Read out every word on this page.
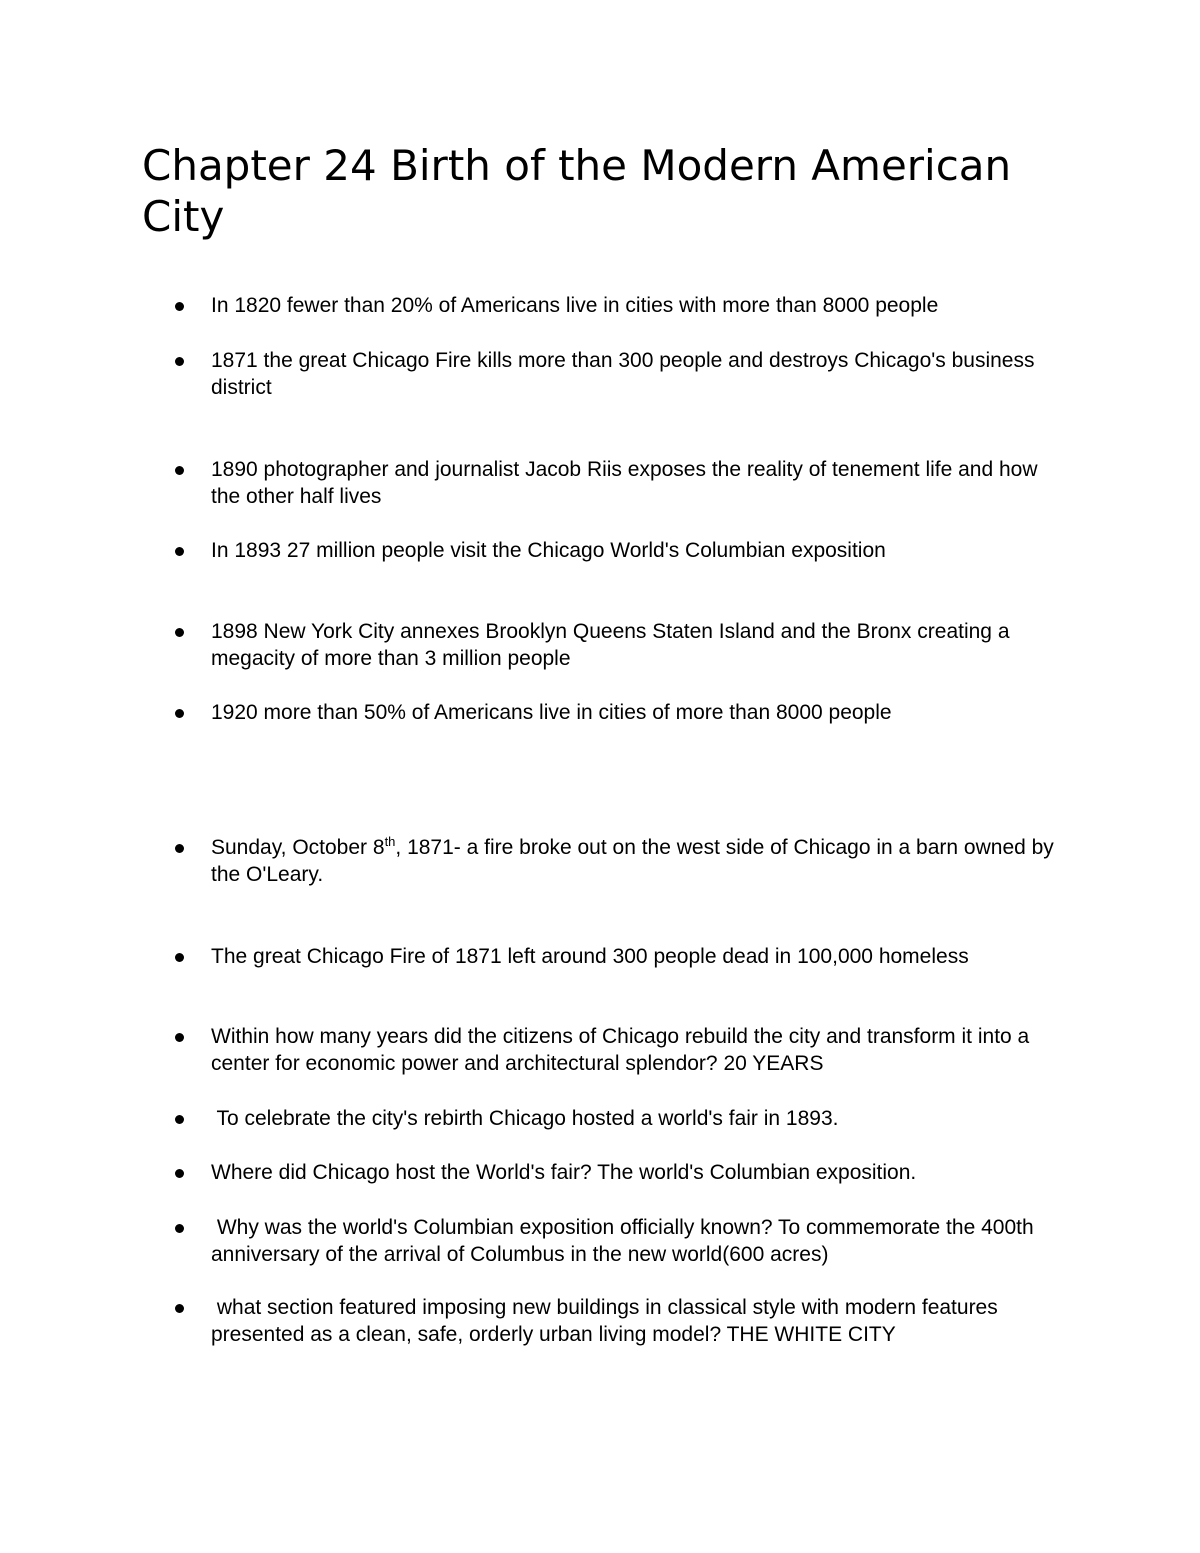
Chapter 24 Birth of the Modern American City
In 1820 fewer than 20% of Americans live in cities with more than 8000 people
1871 the great Chicago Fire kills more than 300 people and destroys Chicago's business district
1890 photographer and journalist Jacob Riis exposes the reality of tenement life and how the other half lives
In 1893 27 million people visit the Chicago World's Columbian exposition
1898 New York City annexes Brooklyn Queens Staten Island and the Bronx creating a megacity of more than 3 million people
1920 more than 50% of Americans live in cities of more than 8000 people
Sunday, October 8th, 1871- a fire broke out on the west side of Chicago in a barn owned by the O'Leary.
The great Chicago Fire of 1871 left around 300 people dead in 100,000 homeless
Within how many years did the citizens of Chicago rebuild the city and transform it into a center for economic power and architectural splendor? 20 YEARS
To celebrate the city's rebirth Chicago hosted a world's fair in 1893.
Where did Chicago host the World's fair? The world's Columbian exposition.
Why was the world's Columbian exposition officially known? To commemorate the 400th anniversary of the arrival of Columbus in the new world(600 acres)
what section featured imposing new buildings in classical style with modern features presented as a clean, safe, orderly urban living model? THE WHITE CITY
